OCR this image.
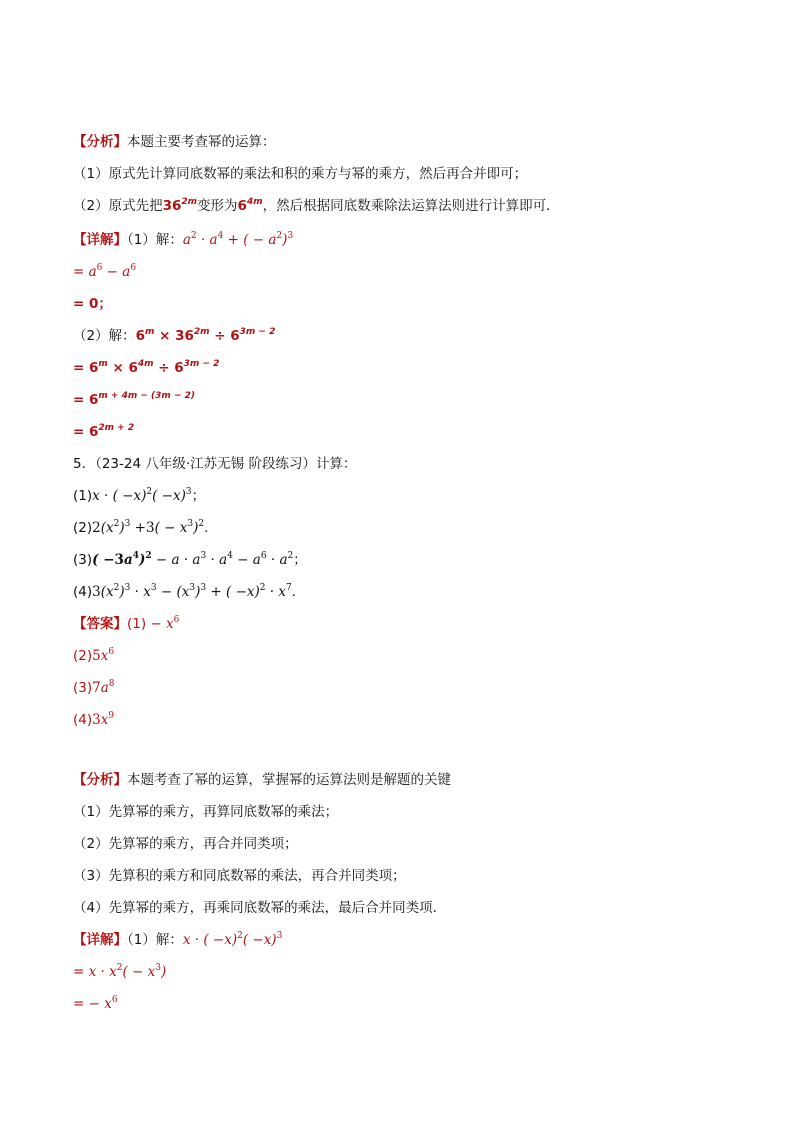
【分析】本题主要考查幂的运算：
（1）原式先计算同底数幂的乘法和积的乘方与幂的乘方，然后再合并即可；
（2）原式先把$36^{2m}$变形为$6^{4m}$，然后根据同底数乘除法运算法则进行计算即可．
【详解】（1）解：$a^2 \cdot a^4$ + ( − $a^2)^3$
= $a^6 - a^6$
= 0；
（2）解：$6^m \times 36^{2m} \div 6^{3m - 2}$
= $6^m \times 6^{4m} \div 6^{3m - 2}$
= $6^{m + 4m - (3m - 2)}$
= $6^{2m + 2}$
5．（23-24 八年级·江苏无锡 阶段练习）计算：
(1)x · ( $-x)^2( -x)^3$；
$(2)2(x^2)^3 +3( - x^3)^2$．
$(3)( -3a^4)^2 - a \cdot a^3 \cdot a^4 - a^6 \cdot a^2$；
$(4)3(x^2)^3 \cdot x^3 - (x^3)^3$ + ( $-x)^2 \cdot x^7$．
【答案】$(1) - x^6$
$(2)5x^6$
$(3)7a^8$
$(4)3x^9$
【分析】本题考查了幂的运算，掌握幂的运算法则是解题的关键
（1）先算幂的乘方，再算同底数幂的乘法；
（2）先算幂的乘方，再合并同类项；
（3）先算积的乘方和同底数幂的乘法，再合并同类项；
（4）先算幂的乘方，再乘同底数幂的乘法，最后合并同类项．
【详解】（1）解：x · ( $-x)^2( -x)^3$
= $x \cdot x^2( - x^3)$
= − $x^6$
